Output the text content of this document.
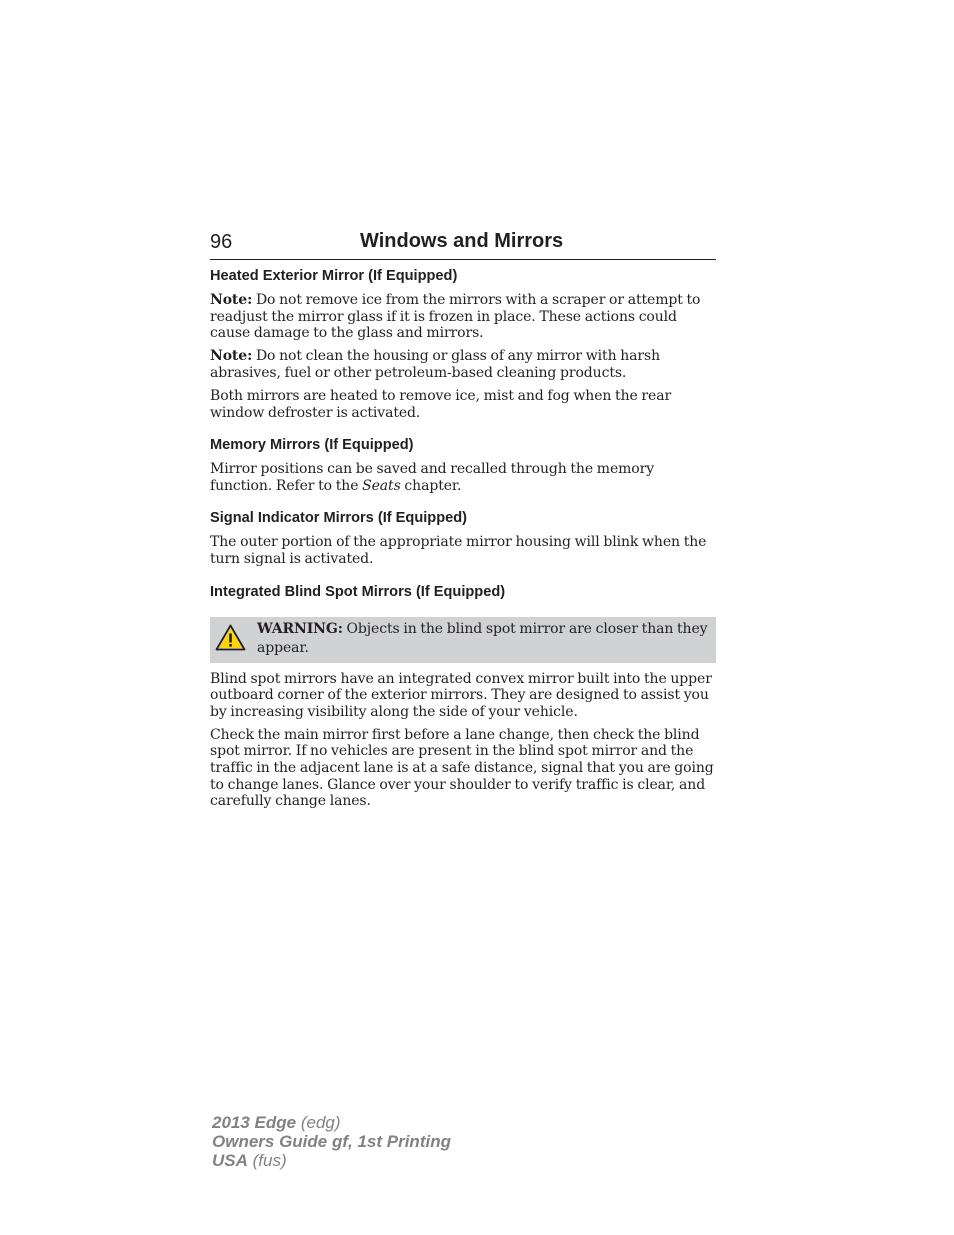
96	Windows and Mirrors
Heated Exterior Mirror (If Equipped)

Note: Do not remove ice from the mirrors with a scraper or attempt to readjust the mirror glass if it is frozen in place. These actions could cause damage to the glass and mirrors.

Note: Do not clean the housing or glass of any mirror with harsh abrasives, fuel or other petroleum-based cleaning products.

Both mirrors are heated to remove ice, mist and fog when the rear window defroster is activated.

Memory Mirrors (If Equipped)

Mirror positions can be saved and recalled through the memory function. Refer to the Seats chapter.

Signal Indicator Mirrors (If Equipped)

The outer portion of the appropriate mirror housing will blink when the turn signal is activated.

Integrated Blind Spot Mirrors (If Equipped)
WARNING: Objects in the blind spot mirror are closer than they appear.

Blind spot mirrors have an integrated convex mirror built into the upper outboard corner of the exterior mirrors. They are designed to assist you by increasing visibility along the side of your vehicle.

Check the main mirror first before a lane change, then check the blind spot mirror. If no vehicles are present in the blind spot mirror and the traffic in the adjacent lane is at a safe distance, signal that you are going to change lanes. Glance over your shoulder to verify traffic is clear, and carefully change lanes.

2013 Edge (edg)
Owners Guide gf, 1st Printing
USA (fus)
